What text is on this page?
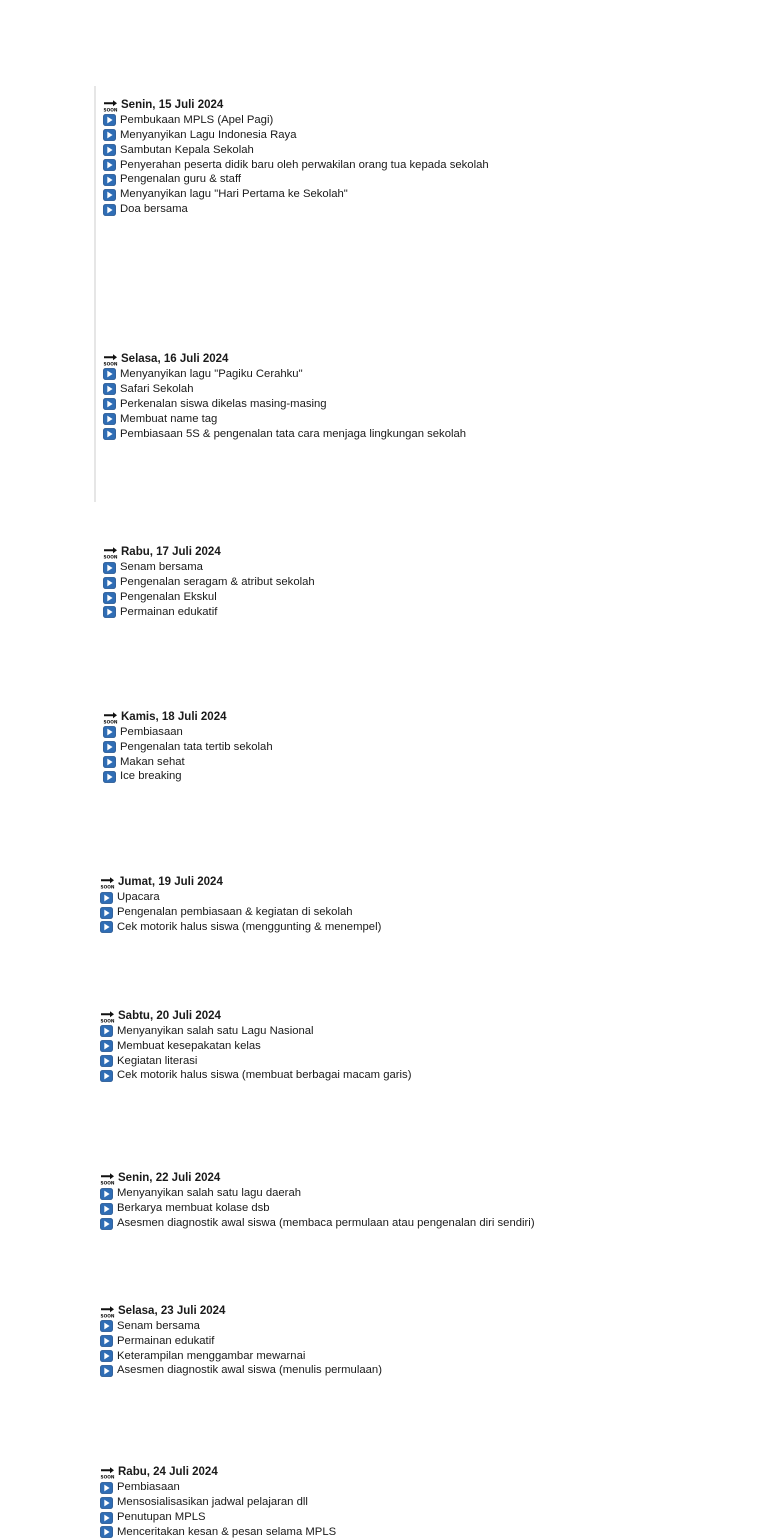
SOON Senin, 15 Juli 2024
Pembukaan MPLS (Apel Pagi)
Menyanyikan Lagu Indonesia Raya
Sambutan Kepala Sekolah
Penyerahan peserta didik baru oleh perwakilan orang tua kepada sekolah
Pengenalan guru & staff
Menyanyikan lagu "Hari Pertama ke Sekolah"
Doa bersama
SOON Selasa, 16 Juli 2024
Menyanyikan lagu "Pagiku Cerahku"
Safari Sekolah
Perkenalan siswa dikelas masing-masing
Membuat name tag
Pembiasaan 5S & pengenalan tata cara menjaga lingkungan sekolah
SOON Rabu, 17 Juli 2024
Senam bersama
Pengenalan seragam & atribut sekolah
Pengenalan Ekskul
Permainan edukatif
SOON Kamis, 18 Juli 2024
Pembiasaan
Pengenalan tata tertib sekolah
Makan sehat
Ice breaking
SOON Jumat, 19 Juli 2024
Upacara
Pengenalan pembiasaan & kegiatan di sekolah
Cek motorik halus siswa (menggunting & menempel)
SOON Sabtu, 20 Juli 2024
Menyanyikan salah satu Lagu Nasional
Membuat kesepakatan kelas
Kegiatan literasi
Cek motorik halus siswa (membuat berbagai macam garis)
SOON Senin, 22 Juli 2024
Menyanyikan salah satu lagu daerah
Berkarya membuat kolase dsb
Asesmen diagnostik awal siswa (membaca permulaan atau pengenalan diri sendiri)
SOON Selasa, 23 Juli 2024
Senam bersama
Permainan edukatif
Keterampilan menggambar mewarnai
Asesmen diagnostik awal siswa (menulis permulaan)
SOON Rabu, 24 Juli 2024
Pembiasaan
Mensosialisasikan jadwal pelajaran dll
Penutupan MPLS
Menceritakan kesan & pesan selama MPLS
